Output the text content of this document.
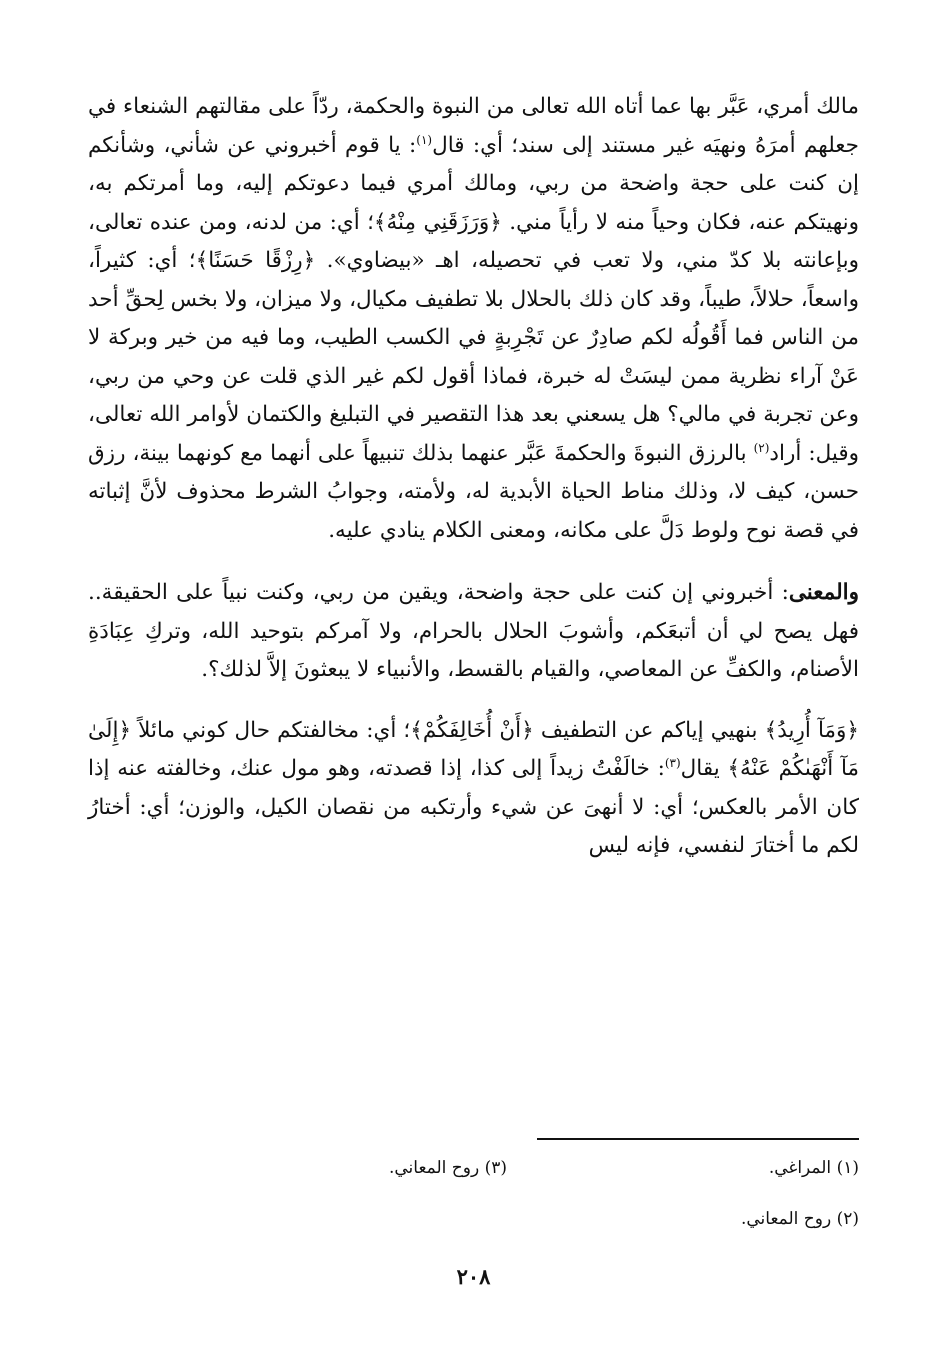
مالك أمري، عَبَّر بها عما أتاه الله تعالى من النبوة والحكمة، ردّاً على مقالتهم الشنعاء في جعلهم أمرَهُ ونهيَه غير مستند إلى سند؛ أي: قال$^{(١)}$: يا قوم أخبروني عن شأني، وشأنكم إن كنت على حجة واضحة من ربي، ومالك أمري فيما دعوتكم إليه، وما أمرتكم به، ونهيتكم عنه، فكان وحياً منه لا رأياً مني. ﴿وَرَزَقَنِي مِنْهُ﴾؛ أي: من لدنه، ومن عنده تعالى، وبإعانته بلا كدّ مني، ولا تعب في تحصيله، اهـ «بيضاوي». ﴿رِزْقًا حَسَنًا﴾؛ أي: كثيراً، واسعاً، حلالاً، طيباً، وقد كان ذلك بالحلال بلا تطفيف مكيال، ولا ميزان، ولا بخس لِحقِّ أحد من الناس فما أَقُولُه لكم صادِرٌ عن تَجْرِبةٍ في الكسب الطيب، وما فيه من خير وبركة لا عَنْ آراء نظرية ممن ليسَتْ له خبرة، فماذا أقول لكم غير الذي قلت عن وحي من ربي، وعن تجربة في مالي؟ هل يسعني بعد هذا التقصير في التبليغ والكتمان لأوامر الله تعالى، وقيل: أراد$^{(٢)}$ بالرزق النبوةَ والحكمةَ عَبَّر عنهما بذلك تنبيهاً على أنهما مع كونهما بينة، رزق حسن، كيف لا، وذلك مناط الحياة الأبدية له، ولأمته، وجوابُ الشرط محذوف لأنَّ إثباته في قصة نوح ولوط دَلَّ على مكانه، ومعنى الكلام ينادي عليه.

والمعنى: أخبروني إن كنت على حجة واضحة، ويقين من ربي، وكنت نبياً على الحقيقة.. فهل يصح لي أن أتبعَكم، وأشوبَ الحلال بالحرام، ولا آمركم بتوحيد الله، وتركِ عِبَادَةِ الأصنام، والكفِّ عن المعاصي، والقيام بالقسط، والأنبياء لا يبعثونَ إلاَّ لذلك؟.

﴿وَمَآ أُرِيدُ﴾ بنهيي إياكم عن التطفيف ﴿أَنْ أُخَالِفَكُمْ﴾؛ أي: مخالفتكم حال كوني مائلاً ﴿إِلَىٰ مَآ أَنْهَىٰكُمْ عَنْهُ﴾ يقال$^{(٣)}$: خالَفْتُ زيداً إلى كذا، إذا قصدته، وهو مول عنك، وخالفته عنه إذا كان الأمر بالعكس؛ أي: لا أنهىَ عن شيء وأرتكبه من نقصان الكيل، والوزن؛ أي: أختارُ لكم ما أختارَ لنفسي، فإنه ليس

(١) المراغي.
(٣) روح المعاني.
(٢) روح المعاني.
٢٠٨
